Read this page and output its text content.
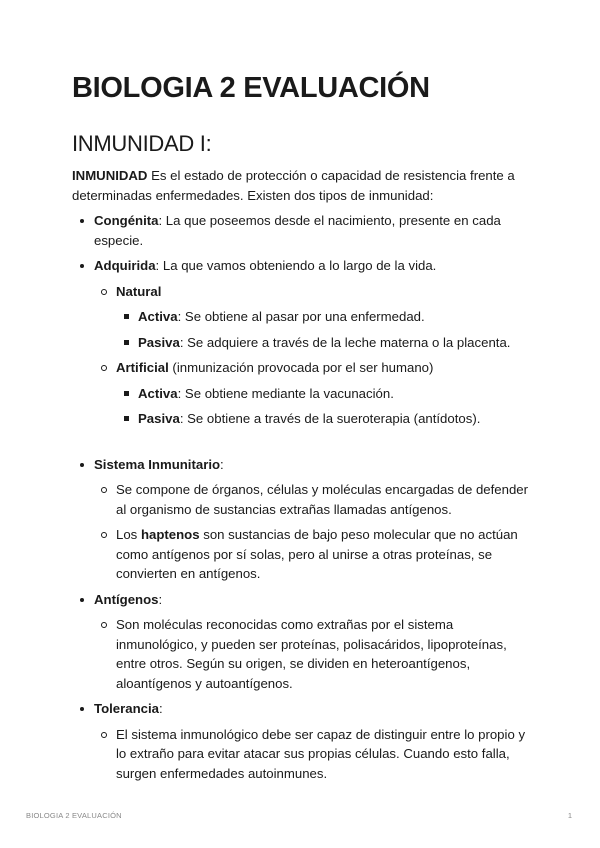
BIOLOGIA 2 EVALUACIÓN
INMUNIDAD I:

INMUNIDAD Es el estado de protección o capacidad de resistencia frente a determinadas enfermedades. Existen dos tipos de inmunidad:

Congénita: La que poseemos desde el nacimiento, presente en cada especie.
Adquirida: La que vamos obteniendo a lo largo de la vida.
Natural
Activa: Se obtiene al pasar por una enfermedad.
Pasiva: Se adquiere a través de la leche materna o la placenta.
Artificial (inmunización provocada por el ser humano)
Activa: Se obtiene mediante la vacunación.
Pasiva: Se obtiene a través de la sueroterapia (antídotos).
Sistema Inmunitario:
Se compone de órganos, células y moléculas encargadas de defender al organismo de sustancias extrañas llamadas antígenos.
Los haptenos son sustancias de bajo peso molecular que no actúan como antígenos por sí solas, pero al unirse a otras proteínas, se convierten en antígenos.
Antígenos:
Son moléculas reconocidas como extrañas por el sistema inmunológico, y pueden ser proteínas, polisacáridos, lipoproteínas, entre otros. Según su origen, se dividen en heteroantígenos, aloantígenos y autoantígenos.
Tolerancia:
El sistema inmunológico debe ser capaz de distinguir entre lo propio y lo extraño para evitar atacar sus propias células. Cuando esto falla, surgen enfermedades autoinmunes.
BIOLOGIA 2 EVALUACIÓN	1
